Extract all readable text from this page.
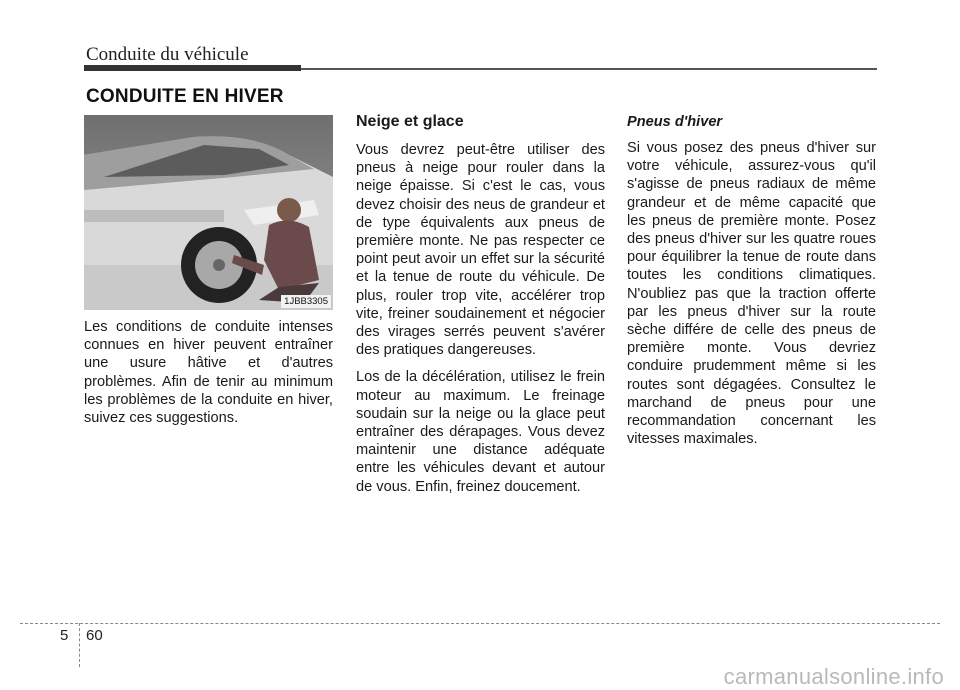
Conduite du véhicule
CONDUITE EN HIVER
1JBB3305

Les conditions de conduite intenses connues en hiver peuvent entraîner une usure hâtive et d'autres problèmes. Afin de tenir au minimum les problèmes de la conduite en hiver, suivez ces suggestions.

Neige et glace

Vous devrez peut-être utiliser des pneus à neige pour rouler dans la neige épaisse. Si c'est le cas, vous devez choisir des neus de grandeur et de type équivalents aux pneus de première monte. Ne pas respecter ce point peut avoir un effet sur la sécurité et la tenue de route du véhicule. De plus, rouler trop vite, accélérer trop vite, freiner soudainement et négocier des virages serrés peuvent s'avérer des pratiques dangereuses.

Los de la décélération, utilisez le frein moteur au maximum. Le freinage soudain sur la neige ou la glace peut entraîner des dérapages. Vous devez maintenir une distance adéquate entre les véhicules devant et autour de vous. Enfin, freinez doucement.

Pneus d'hiver

Si vous posez des pneus d'hiver sur votre véhicule, assurez-vous qu'il s'agisse de pneus radiaux de même grandeur et de même capacité que les pneus de première monte. Posez des pneus d'hiver sur les quatre roues pour équilibrer la tenue de route dans toutes les conditions climatiques. N'oubliez pas que la traction offerte par les pneus d'hiver sur la route sèche différe de celle des pneus de première monte. Vous devriez conduire prudemment même si les routes sont dégagées. Consultez le marchand de pneus pour une recommandation concernant les vitesses maximales.

5 60
carmanualsonline.info
